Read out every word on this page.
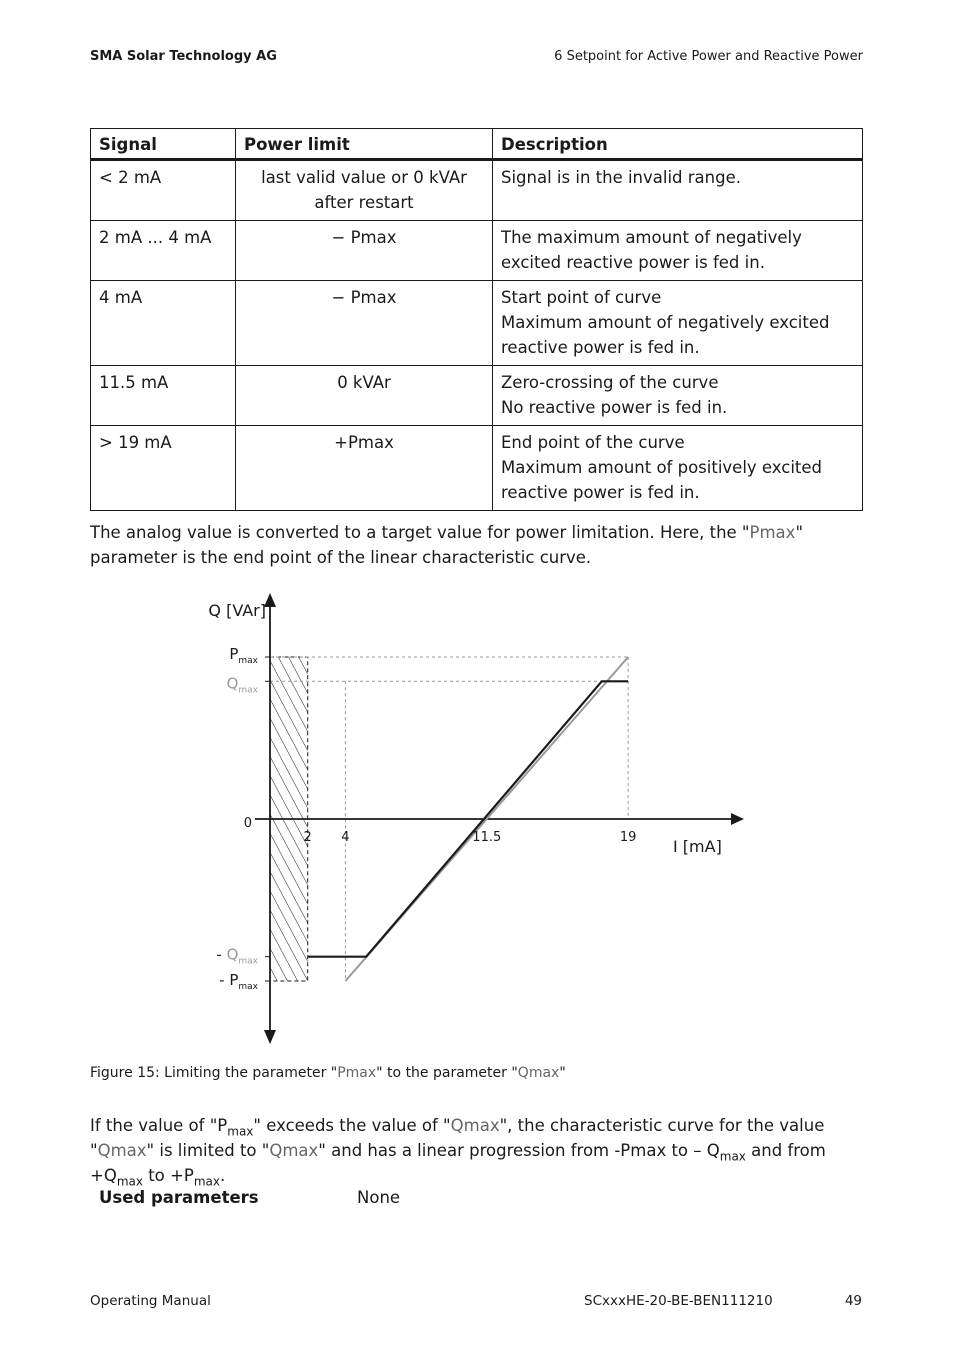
SMA Solar Technology AG	6 Setpoint for Active Power and Reactive Power
Signal	Power limit	Description
< 2 mA	last valid value or 0 kVAr after restart	Signal is in the invalid range.

2 mA ... 4 mA	− Pmax	The maximum amount of negatively excited reactive power is fed in.

4 mA	− Pmax	Start point of curve
Maximum amount of negatively excited reactive power is fed in.

11.5 mA	0 kVAr	Zero-crossing of the curve
No reactive power is fed in.

> 19 mA	+Pmax	End point of the curve
Maximum amount of positively excited reactive power is fed in.
The analog value is converted to a target value for power limitation. Here, the "Pmax" parameter is the end point of the linear characteristic curve.
Q [VAr]
I [mA]
2 4	11.5	19
0
$P_{max}$
$Q_{max}$
- $Q_{max}$
- $P_{max}$
Figure 15: Limiting the parameter "Pmax" to the parameter "Qmax"
If the value of "$P_{max}$" exceeds the value of "Qmax", the characteristic curve for the value "Qmax" is limited to "Qmax" and has a linear progression from -Pmax to – $Q_{max}$ and from $+Q_{max}$ to $+P_{max}$.
Used parameters	None
Operating Manual	SCxxxHE-20-BE-BEN111210	49
